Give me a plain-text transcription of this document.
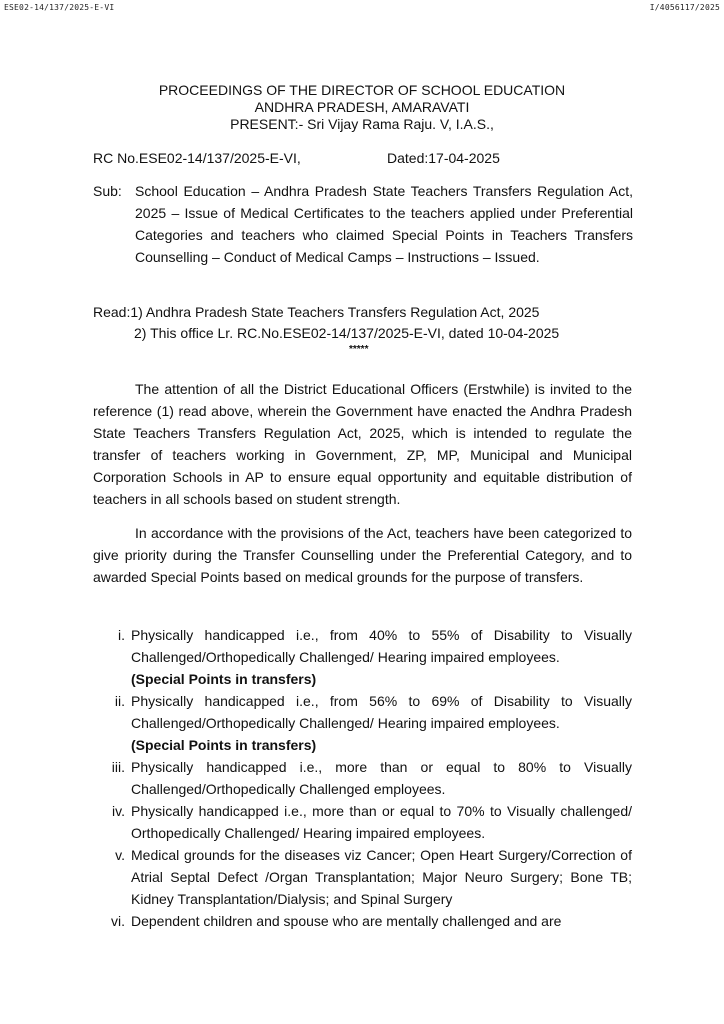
ESE02-14/137/2025-E-VI	I/4056117/2025
PROCEEDINGS OF THE DIRECTOR OF SCHOOL EDUCATION
ANDHRA PRADESH, AMARAVATI
PRESENT:- Sri Vijay Rama Raju. V, I.A.S.,
RC No.ESE02-14/137/2025-E-VI,	Dated:17-04-2025
Sub: School Education – Andhra Pradesh State Teachers Transfers Regulation Act, 2025 – Issue of Medical Certificates to the teachers applied under Preferential Categories and teachers who claimed Special Points in Teachers Transfers Counselling – Conduct of Medical Camps – Instructions – Issued.
Read:1) Andhra Pradesh State Teachers Transfers Regulation Act, 2025
2) This office Lr. RC.No.ESE02-14/137/2025-E-VI, dated 10-04-2025
*****
The attention of all the District Educational Officers (Erstwhile) is invited to the reference (1) read above, wherein the Government have enacted the Andhra Pradesh State Teachers Transfers Regulation Act, 2025, which is intended to regulate the transfer of teachers working in Government, ZP, MP, Municipal and Municipal Corporation Schools in AP to ensure equal opportunity and equitable distribution of teachers in all schools based on student strength.
In accordance with the provisions of the Act, teachers have been categorized to give priority during the Transfer Counselling under the Preferential Category, and to awarded Special Points based on medical grounds for the purpose of transfers.
i. Physically handicapped i.e., from 40% to 55% of Disability to Visually Challenged/Orthopedically Challenged/ Hearing impaired employees.
(Special Points in transfers)
ii. Physically handicapped i.e., from 56% to 69% of Disability to Visually Challenged/Orthopedically Challenged/ Hearing impaired employees.
(Special Points in transfers)
iii. Physically handicapped i.e., more than or equal to 80% to Visually Challenged/Orthopedically Challenged employees.
iv. Physically handicapped i.e., more than or equal to 70% to Visually challenged/ Orthopedically Challenged/ Hearing impaired employees.
v. Medical grounds for the diseases viz Cancer; Open Heart Surgery/Correction of Atrial Septal Defect /Organ Transplantation; Major Neuro Surgery; Bone TB; Kidney Transplantation/Dialysis; and Spinal Surgery
vi. Dependent children and spouse who are mentally challenged and are
